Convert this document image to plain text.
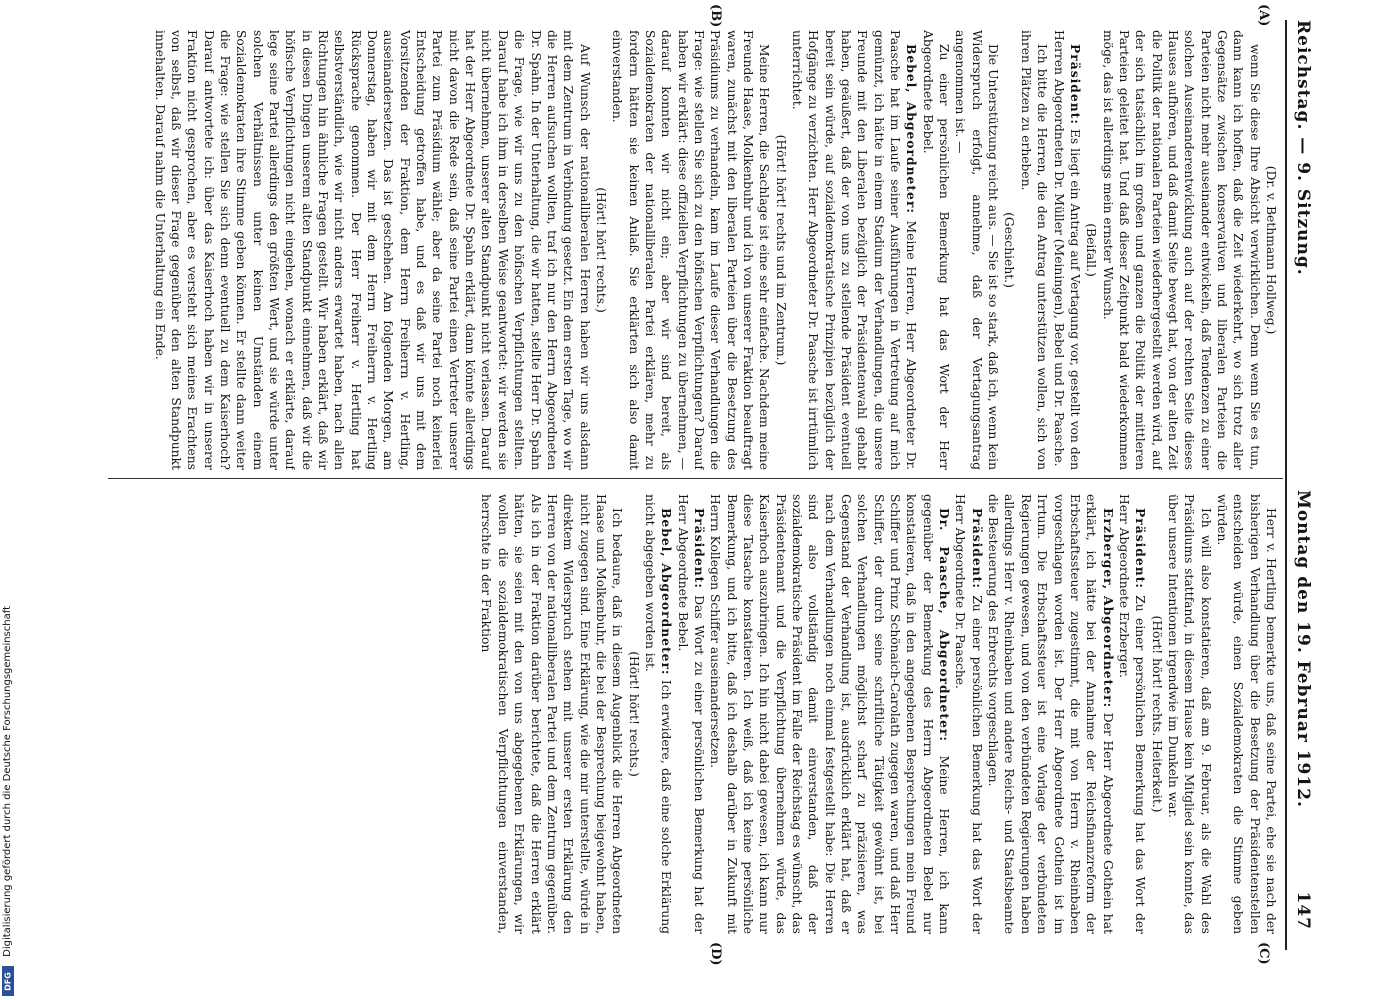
Reichstag. — 9. Sitzung.
Montag den 19. Februar 1912.
147
(A)
(B)
(C)
(D)

(Dr. v. Bethmann Hollweg.)

wenn Sie diese Ihre Absicht verwirklichen. Denn wenn Sie es tun, dann kann ich hoffen, daß die Zeit wiederkehrt, wo sich trotz aller Gegensätze zwischen konservativen und liberalen Parteien die Parteien nicht mehr auseinander entwickeln, daß Tendenzen zu einer solchen Auseinanderentwicklung auch auf der rechten Seite dieses Hauses aufhören, und daß damit Seite bewegt hat, von der alten Zeit die Politik der nationalen Parteien wiederhergestellt werden wird, auf der sich tatsächlich im großen und ganzen die Politik der mittleren Parteien geleitet hat. Und daß dieser Zeitpunkt bald wiederkommen möge, das ist allerdings mein ernster Wunsch.

(Beifall.)

Präsident: Es liegt ein Antrag auf Vertagung vor, gestellt von den Herren Abgeordneten Dr. Müller (Meiningen), Bebel und Dr. Paasche.

Ich bitte die Herren, die den Antrag unterstützen wollen, sich von ihren Plätzen zu erheben.

(Geschieht.)

Die Unterstützung reicht aus. — Sie ist so stark, daß ich, wenn kein Widerspruch erfolgt, annehme, daß der Vertagungsantrag angenommen ist. —

Zu einer persönlichen Bemerkung hat das Wort der Herr Abgeordnete Bebel.

Bebel, Abgeordneter: Meine Herren, Herr Abgeordneter Dr. Paasche hat im Laufe seiner Ausführungen in Vertretung auf mich gemünzt, ich hätte in einem Stadium der Verhandlungen, die unsere Freunde mit den Liberalen bezüglich der Präsidentenwahl gehabt haben, geäußert, daß der von uns zu stellende Präsident eventuell bereit sein würde, auf sozialdemokratische Prinzipien bezüglich der Hofgänge zu verzichten. Herr Abgeordneter Dr. Paasche ist irrtümlich unterrichtet.

(Hört! hört! rechts und im Zentrum.)

Meine Herren, die Sachlage ist eine sehr einfache. Nachdem meine Freunde Haase, Molkenbuhr und ich von unserer Fraktion beauftragt waren, zunächst mit den liberalen Parteien über die Besetzung des Präsidiums zu verhandeln, kam im Laufe dieser Verhandlungen die Frage: wie stellen Sie sich zu den höfischen Verpflichtungen? Darauf haben wir erklärt: diese offiziellen Verpflichtungen zu übernehmen, — darauf konnten wir nicht ein; aber wir sind bereit, als Sozialdemokraten der nationalliberalen Partei erklären, mehr zu fordern hätten sie keinen Anlaß. Sie erklärten sich also damit einverstanden.

(Hört! hört! rechts.)

Auf Wunsch der nationalliberalen Herren haben wir uns alsdann mit dem Zentrum in Verbindung gesetzt. Ein dem ersten Tage, wo wir die Herren aufsuchen wollten, traf ich nur den Herrn Abgeordneten Dr. Spahn. In der Unterhaltung, die wir hatten, stellte Herr Dr. Spahn die Frage, wie wir uns zu den höfischen Verpflichtungen stellten. Darauf habe ich ihm in derselben Weise geantwortet: wir werden sie nicht übernehmen, unserer alten Standpunkt nicht verlassen. Darauf hat der Herr Abgeordnete Dr. Spahn erklärt, dann könnte allerdings nicht davon die Rede sein, daß seine Partei einen Vertreter unserer Partei zum Präsidium wähle; aber da seine Partei noch keinerlei Entscheidung getroffen habe, und es daß wir uns mit dem Vorsitzenden der Fraktion, dem Herrn Freiherrn v. Hertling, auseinandersetzen. Das ist geschehen. Am folgenden Morgen, am Donnerstag, haben wir mit dem Herrn Freiherrn v. Hertling Rücksprache genommen. Der Herr Freiherr v. Hertling hat selbstverständlich, wie wir nicht anders erwartet haben, nach allen Richtungen hin ähnliche Fragen gestellt. Wir haben erklärt, daß wir in diesen Dingen unserem alten Standpunkt einnehmen, daß wir die höfische Verpflichtungen nicht eingehen, wonach er erklärte, darauf lege seine Partei allerdings den größten Wert, und sie würde unter solchen Verhältnissen unter keinen Umständen einem Sozialdemokraten ihre Stimme geben können. Er stellte dann weiter die Frage: wie stellen Sie sich denn eventuell zu dem Kaiserhoch? Darauf antwortete ich: über das Kaiserhoch haben wir in unserer Fraktion nicht gesprochen, aber es versteht sich meines Erachtens von selbst, daß wir dieser Frage gegenüber den alten Standpunkt innehalten. Darauf nahm die Unterhaltung ein Ende.

Herr v. Hertling bemerkte uns, daß seine Partei, ehe sie nach der bisherigen Verhandlung über die Besetzung der Präsidentenstellen entscheiden würde, einen Sozialdemokraten die Stimme geben würden.

Ich will also konstatieren, daß am 9. Februar, als die Wahl des Präsidiums stattfand, in diesem Hause kein Mitglied sein konnte, das über unsere Intentionen irgendwie im Dunkeln war.

(Hört! hört! rechts. Heiterkeit.)

Präsident: Zu einer persönlichen Bemerkung hat das Wort der Herr Abgeordnete Erzberger.

Erzberger, Abgeordneter: Der Herr Abgeordnete Gothein hat erklärt, ich hätte bei der Annahme der Reichsfinanzreform der Erbschaftssteuer zugestimmt, die mit von Herrn v. Rheinbaben vorgeschlagen worden ist. Der Herr Abgeordnete Gothein ist im Irrtum. Die Erbschaftssteuer ist eine Vorlage der verbündeten Regierungen gewesen, und von den verbündeten Regierungen haben allerdings Herr v. Rheinbaben und andere Reichs- und Staatsbeamte die Besteuerung des Erbrechts vorgeschlagen.

Präsident: Zu einer persönlichen Bemerkung hat das Wort der Herr Abgeordnete Dr. Paasche.

Dr. Paasche, Abgeordneter: Meine Herren, ich kann gegenüber der Bemerkung des Herrn Abgeordneten Bebel nur konstatieren, daß in den angegebenen Besprechungen mein Freund Schiffer und Prinz Schönaich-Carolath zugegen waren, und daß Herr Schiffer, der durch seine schriftliche Tätigkeit gewöhnt ist, bei solchen Verhandlungen möglichst scharf zu präzisieren, was Gegenstand der Verhandlung ist, ausdrücklich erklärt hat, daß er nach dem Verhandlungen noch einmal festgestellt habe: Die Herren sind also vollständig damit einverstanden, daß der sozialdemokratische Präsident im Falle der Reichstag es wünscht, das Präsidentenamt und die Verpflichtung übernehmen würde, das Kaiserhoch auszubringen. Ich hin nicht dabei gewesen, ich kann nur diese Tatsache konstatieren. Ich weiß, daß ich keine persönliche Bemerkung, und ich bitte, daß ich deshalb darüber in Zukunft mit Herrn Kollegen Schiffer auseinandersetzen.

Präsident: Das Wort zu einer persönlichen Bemerkung hat der Herr Abgeordnete Bebel.

Bebel, Abgeordneter: Ich erwidere, daß eine solche Erklärung nicht abgegeben worden ist.

(Hört! hört! rechts.)

Ich bedaure, daß in diesem Augenblick die Herren Abgeordneten Haase und Molkenbuhr, die bei der Besprechung beigewohnt haben, nicht zugegen sind. Eine Erklärung, wie die mir unterstellte, würde in direktem Widerspruch stehen mit unserer ersten Erklärung den Herren von der nationalliberalen Partei und dem Zentrum gegenüber. Als ich in der Fraktion darüber berichtete, daß die Herren erklärt hätten, sie seien mit den von uns abgegebenen Erklärungen, wir wollen die sozialdemokratischen Verpflichtungen einverstanden, herrschte in der Fraktion

Digitalisierung gefördert durch die Deutsche Forschungsgemeinschaft
DFG
